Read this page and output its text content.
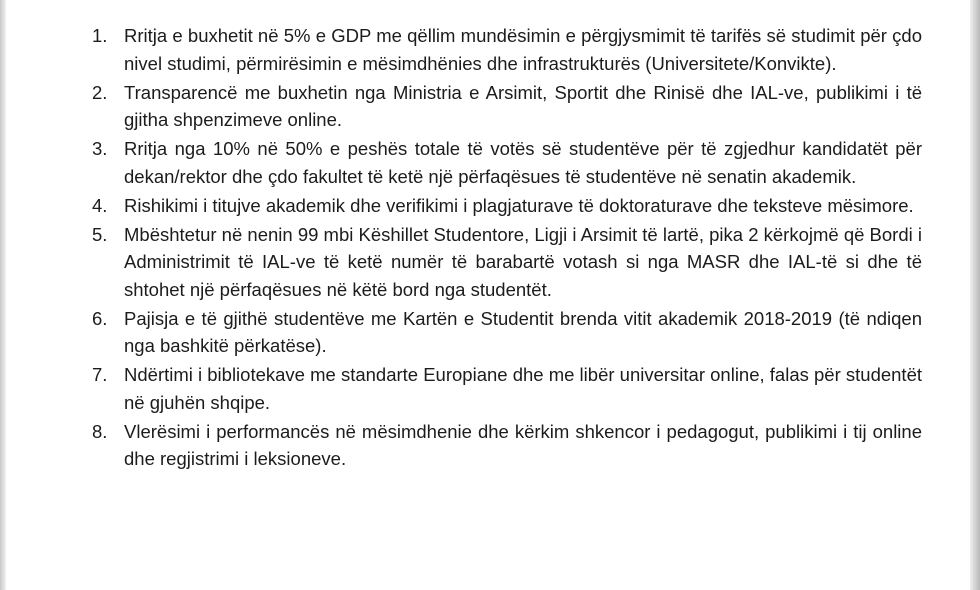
1. Rritja e buxhetit në 5% e GDP me qëllim mundësimin e përgjysmimit të tarifës së studimit për çdo nivel studimi, përmirësimin e mësimdhënies dhe infrastrukturës (Universitete/Konvikte).
2. Transparencë me buxhetin nga Ministria e Arsimit, Sportit dhe Rinisë dhe IAL-ve, publikimi i të gjitha shpenzimeve online.
3. Rritja nga 10% në 50% e peshës totale të votës së studentëve për të zgjedhur kandidatët për dekan/rektor dhe çdo fakultet të ketë një përfaqësues të studentëve në senatin akademik.
4. Rishikimi i titujve akademik dhe verifikimi i plagjaturave të doktoraturave dhe teksteve mësimore.
5. Mbështetur në nenin 99 mbi Këshillet Studentore, Ligji i Arsimit të lartë, pika 2 kërkojmë që Bordi i Administrimit të IAL-ve të ketë numër të barabartë votash si nga MASR dhe IAL-të si dhe të shtohet një përfaqësues në këtë bord nga studentët.
6. Pajisja e të gjithë studentëve me Kartën e Studentit brenda vitit akademik 2018-2019 (të ndiqen nga bashkitë përkatëse).
7. Ndërtimi i bibliotekave me standarte Europiane dhe me libër universitar online, falas për studentët në gjuhën shqipe.
8. Vlerësimi i performancës në mësimdhenie dhe kërkim shkencor i pedagogut, publikimi i tij online dhe regjistrimi i leksioneve.
